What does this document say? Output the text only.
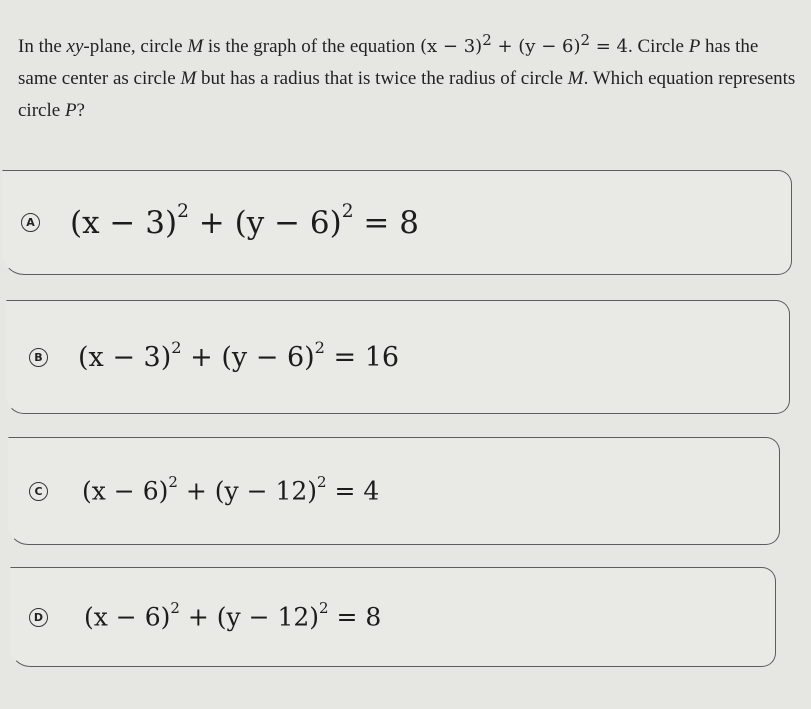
In the xy-plane, circle M is the graph of the equation $(x - 3)^2 + (y - 6)^2 = 4$. Circle P has the same center as circle M but has a radius that is twice the radius of circle M. Which equation represents circle P?
A $(x - 3)^2 + (y - 6)^2 = 8$
B $(x - 3)^2 + (y - 6)^2 = 16$
C $(x - 6)^2 + (y - 12)^2 = 4$
D $(x - 6)^2 + (y - 12)^2 = 8$
